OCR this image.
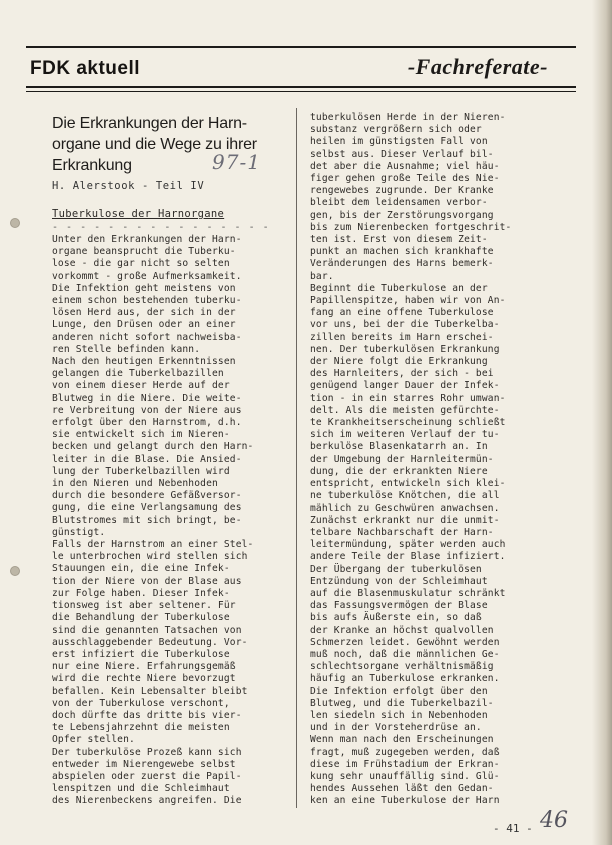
FDK aktuell	-Fachreferate-
Die Erkrankungen der Harn-
organe und die Wege zu ihrer
Erkrankung	97-1
H. Alerstook - Teil IV
Tuberkulose der Harnorgane
- - - - - - - - - - - - - - - -
Unter den Erkrankungen der Harn-
organe beansprucht die Tuberku-
lose - die gar nicht so selten
vorkommt - große Aufmerksamkeit.
Die Infektion geht meistens von
einem schon bestehenden tuberku-
lösen Herd aus, der sich in der
Lunge, den Drüsen oder an einer
anderen nicht sofort nachweisba-
ren Stelle befinden kann.
Nach den heutigen Erkenntnissen
gelangen die Tuberkelbazillen
von einem dieser Herde auf der
Blutweg in die Niere. Die weite-
re Verbreitung von der Niere aus
erfolgt über den Harnstrom, d.h.
sie entwickelt sich im Nieren-
becken und gelangt durch den Harn-
leiter in die Blase. Die Ansied-
lung der Tuberkelbazillen wird
in den Nieren und Nebenhoden
durch die besondere Gefäßversor-
gung, die eine Verlangsamung des
Blutstromes mit sich bringt, be-
günstigt.
Falls der Harnstrom an einer Stel-
le unterbrochen wird stellen sich
Stauungen ein, die eine Infek-
tion der Niere von der Blase aus
zur Folge haben. Dieser Infek-
tionsweg ist aber seltener. Für
die Behandlung der Tuberkulose
sind die genannten Tatsachen von
ausschlaggebender Bedeutung. Vor-
erst infiziert die Tuberkulose
nur eine Niere. Erfahrungsgemäß
wird die rechte Niere bevorzugt
befallen. Kein Lebensalter bleibt
von der Tuberkulose verschont,
doch dürfte das dritte bis vier-
te Lebensjahrzehnt die meisten
Opfer stellen.
Der tuberkulöse Prozeß kann sich
entweder im Nierengewebe selbst
abspielen oder zuerst die Papil-
lenspitzen und die Schleimhaut
des Nierenbeckens angreifen. Die
tuberkulösen Herde in der Nieren-
substanz vergrößern sich oder
heilen im günstigsten Fall von
selbst aus. Dieser Verlauf bil-
det aber die Ausnahme; viel häu-
figer gehen große Teile des Nie-
rengewebes zugrunde. Der Kranke
bleibt dem leidensamen verbor-
gen, bis der Zerstörungsvorgang
bis zum Nierenbecken fortgeschrit-
ten ist. Erst von diesem Zeit-
punkt an machen sich krankhafte
Veränderungen des Harns bemerk-
bar.
Beginnt die Tuberkulose an der
Papillenspitze, haben wir von An-
fang an eine offene Tuberkulose
vor uns, bei der die Tuberkelba-
zillen bereits im Harn erschei-
nen. Der tuberkulösen Erkrankung
der Niere folgt die Erkrankung
des Harnleiters, der sich - bei
genügend langer Dauer der Infek-
tion - in ein starres Rohr umwan-
delt. Als die meisten gefürchte-
te Krankheitserscheinung schließt
sich im weiteren Verlauf der tu-
berkulöse Blasenkatarrh an. In
der Umgebung der Harnleitermün-
dung, die der erkrankten Niere
entspricht, entwickeln sich klei-
ne tuberkulöse Knötchen, die all
mählich zu Geschwüren anwachsen.
Zunächst erkrankt nur die unmit-
telbare Nachbarschaft der Harn-
leitermündung, später werden auch
andere Teile der Blase infiziert.
Der Übergang der tuberkulösen
Entzündung von der Schleimhaut
auf die Blasenmuskulatur schränkt
das Fassungsvermögen der Blase
bis aufs Äußerste ein, so daß
der Kranke an höchst qualvollen
Schmerzen leidet. Gewöhnt werden
muß noch, daß die männlichen Ge-
schlechtsorgane verhältnismäßig
häufig an Tuberkulose erkranken.
Die Infektion erfolgt über den
Blutweg, und die Tuberkelbazil-
len siedeln sich in Nebenhoden
und in der Vorsteherdrüse an.
Wenn man nach den Erscheinungen
fragt, muß zugegeben werden, daß
diese im Frühstadium der Erkran-
kung sehr unauffällig sind. Glü-
hendes Aussehen läßt den Gedan-
ken an eine Tuberkulose der Harn
- 41 - 46
